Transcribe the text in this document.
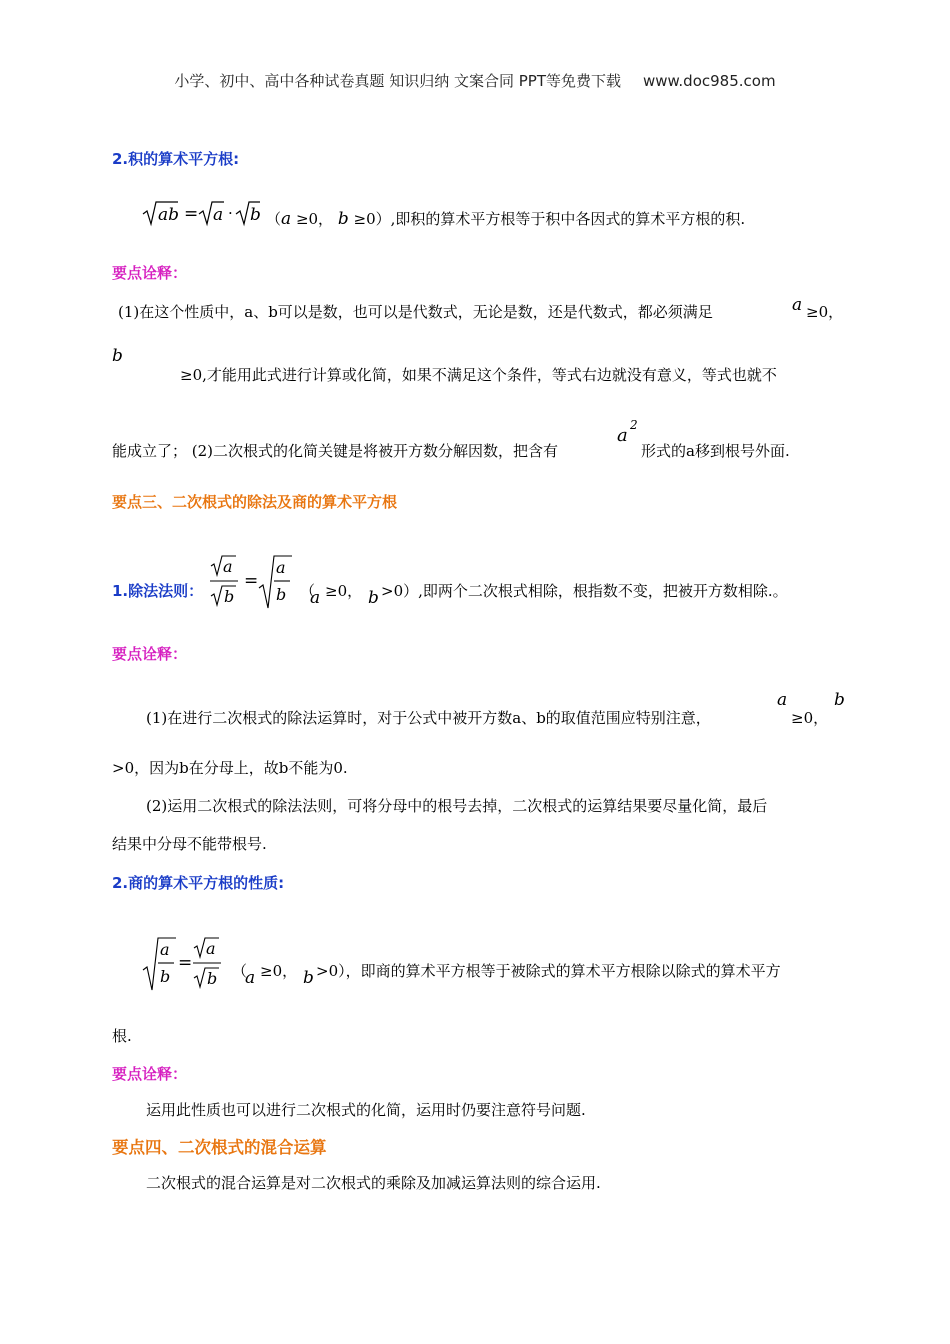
小学、初中、高中各种试卷真题 知识归纳 文案合同 PPT等免费下载 www.doc985.com
2.积的算术平方根:
ab = a · b （a ≥0， b ≥0）,即积的算术平方根等于积中各因式的算术平方根的积.
要点诠释：
(1)在这个性质中，a、b可以是数，也可以是代数式，无论是数，还是代数式，都必须满足	a ≥0，
b
≥0,才能用此式进行计算或化简，如果不满足这个条件，等式右边就没有意义，等式也就不
能成立了； (2)二次根式的化简关键是将被开方数分解因数，把含有
a 2
形式的a移到根号外面.
要点三、二次根式的除法及商的算术平方根
1.除法法则：
a
b
=
a
b （
a ≥0， b >0）,即两个二次根式相除，根指数不变，把被开方数相除.。
要点诠释：
(1)在进行二次根式的除法运算时，对于公式中被开方数a、b的取值范围应特别注意，
a
≥0，
b
>0，因为b在分母上，故b不能为0.
(2)运用二次根式的除法法则，可将分母中的根号去掉，二次根式的运算结果要尽量化简，最后
结果中分母不能带根号.
2.商的算术平方根的性质:
a
b
=
a
b （
a ≥0， b >0），即商的算术平方根等于被除式的算术平方根除以除式的算术平方
根.
要点诠释：
运用此性质也可以进行二次根式的化简，运用时仍要注意符号问题.
要点四、二次根式的混合运算
二次根式的混合运算是对二次根式的乘除及加减运算法则的综合运用.
